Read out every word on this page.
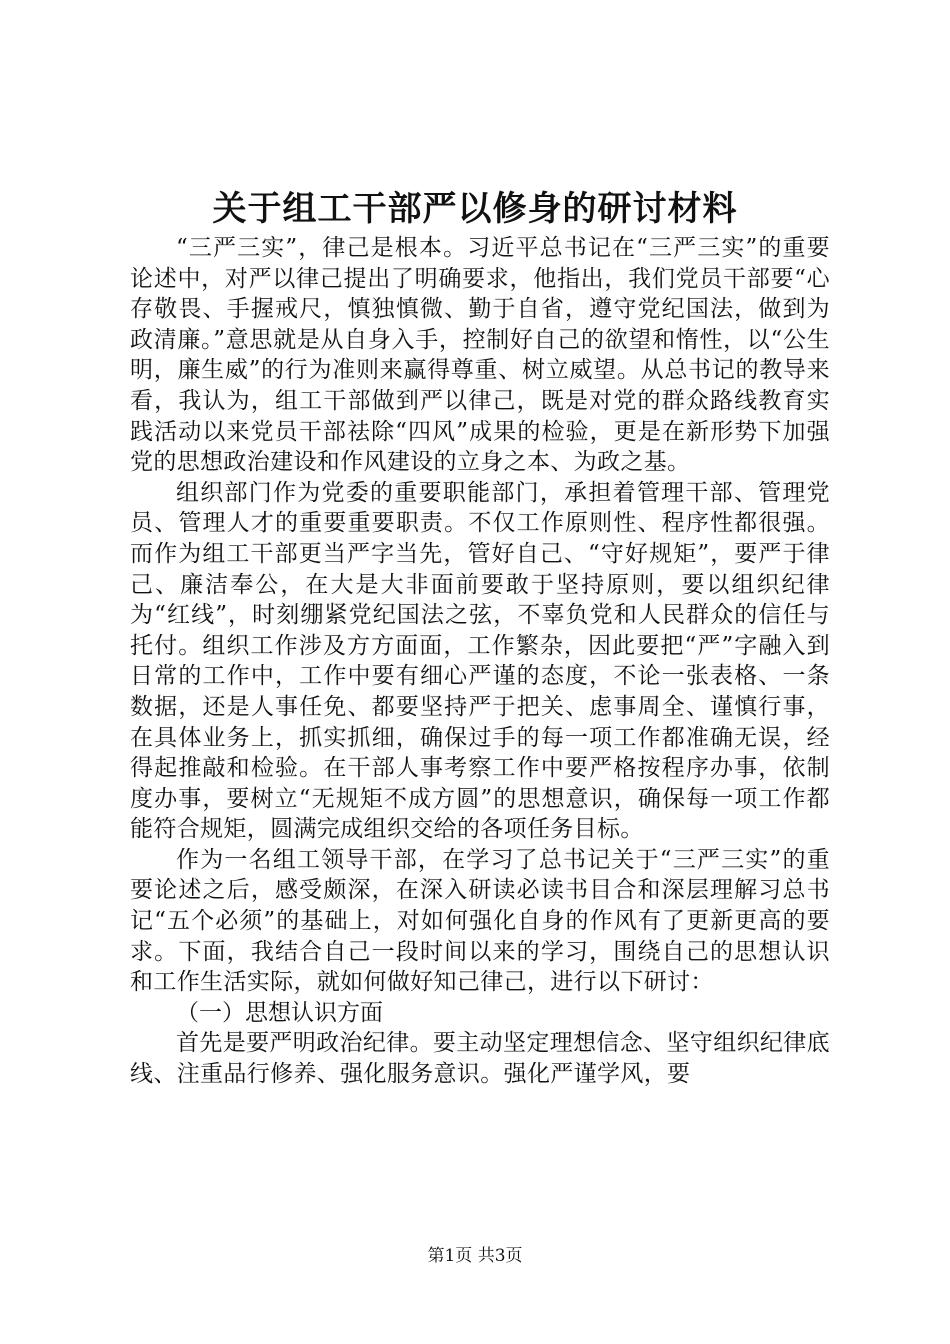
关于组工干部严以修身的研讨材料

“三严三实”，律己是根本。习近平总书记在“三严三实”的重要论述中，对严以律己提出了明确要求，他指出，我们党员干部要“心存敬畏、手握戒尺，慎独慎微、勤于自省，遵守党纪国法，做到为政清廉。”意思就是从自身入手，控制好自己的欲望和惰性，以“公生明，廉生威”的行为准则来赢得尊重、树立威望。从总书记的教导来看，我认为，组工干部做到严以律己，既是对党的群众路线教育实践活动以来党员干部祛除“四风”成果的检验，更是在新形势下加强党的思想政治建设和作风建设的立身之本、为政之基。

组织部门作为党委的重要职能部门，承担着管理干部、管理党员、管理人才的重要重要职责。不仅工作原则性、程序性都很强。而作为组工干部更当严字当先，管好自己、“守好规矩”，要严于律己、廉洁奉公，在大是大非面前要敢于坚持原则，要以组织纪律为“红线”，时刻绷紧党纪国法之弦，不辜负党和人民群众的信任与托付。组织工作涉及方方面面，工作繁杂，因此要把“严”字融入到日常的工作中，工作中要有细心严谨的态度，不论一张表格、一条数据，还是人事任免、都要坚持严于把关、虑事周全、谨慎行事，在具体业务上，抓实抓细，确保过手的每一项工作都准确无误，经得起推敲和检验。在干部人事考察工作中要严格按程序办事，依制度办事，要树立“无规矩不成方圆”的思想意识，确保每一项工作都能符合规矩，圆满完成组织交给的各项任务目标。

作为一名组工领导干部，在学习了总书记关于“三严三实”的重要论述之后，感受颇深，在深入研读必读书目合和深层理解习总书记“五个必须”的基础上，对如何强化自身的作风有了更新更高的要求。下面，我结合自己一段时间以来的学习，围绕自己的思想认识和工作生活实际，就如何做好知己律己，进行以下研讨：

（一）思想认识方面

首先是要严明政治纪律。要主动坚定理想信念、坚守组织纪律底线、注重品行修养、强化服务意识。强化严谨学风，要

第1页 共3页
